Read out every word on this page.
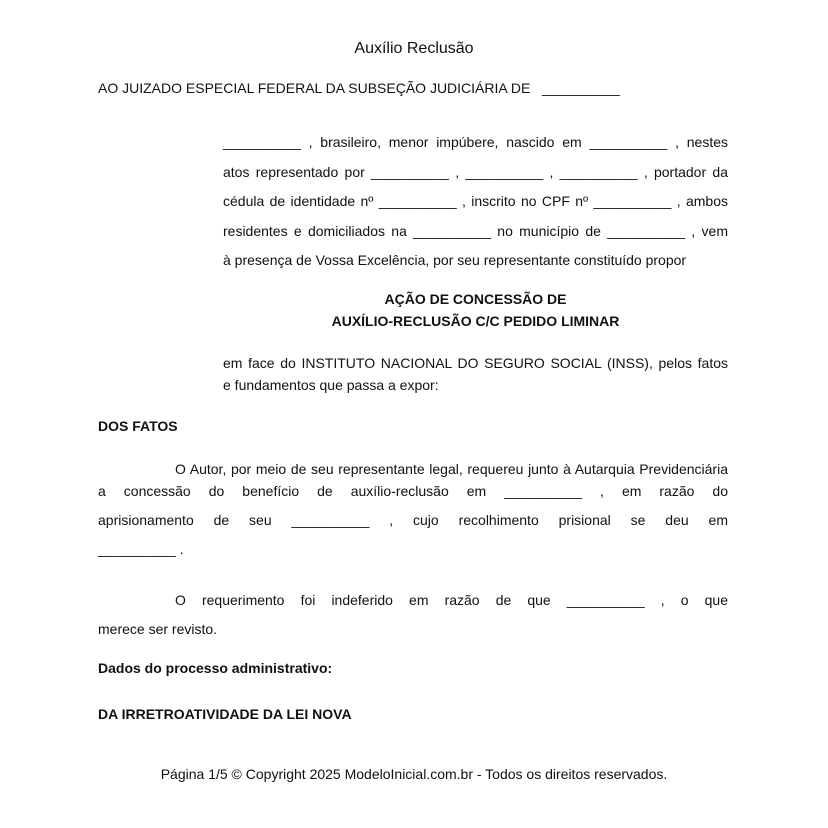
Auxílio Reclusão
AO JUIZADO ESPECIAL FEDERAL DA SUBSEÇÃO JUDICIÁRIA DE   __________
__________ , brasileiro, menor impúbere, nascido em __________ , nestes
atos representado por __________ , __________ , __________ , portador da
cédula de identidade nº __________ , inscrito no CPF nº __________ , ambos
residentes e domiciliados na __________ no município de __________ , vem
à presença de Vossa Excelência, por seu representante constituído propor
AÇÃO DE CONCESSÃO DE
AUXÍLIO-RECLUSÃO C/C PEDIDO LIMINAR
em face do INSTITUTO NACIONAL DO SEGURO SOCIAL (INSS), pelos fatos
e fundamentos que passa a expor:
DOS FATOS
O Autor, por meio de seu representante legal, requereu junto à Autarquia Previdenciária
a concessão do benefício de auxílio-reclusão em __________ , em razão do
aprisionamento de seu __________ , cujo recolhimento prisional se deu em
__________ .
O requerimento foi indeferido em razão de que __________ , o que
merece ser revisto.
Dados do processo administrativo:
DA IRRETROATIVIDADE DA LEI NOVA
Página 1/5 © Copyright 2025 ModeloInicial.com.br - Todos os direitos reservados.
